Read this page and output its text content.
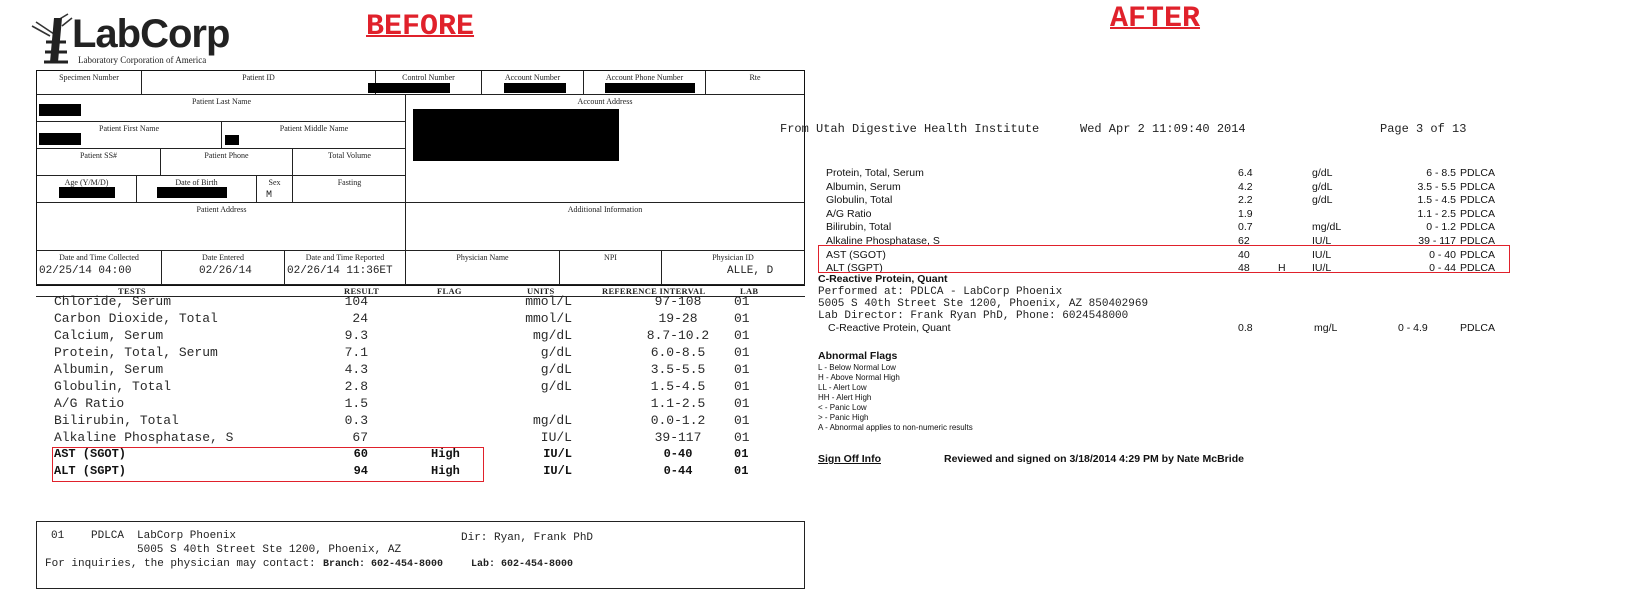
LabCorp
Laboratory Corporation of America
BEFORE	AFTER
Specimen Number	Patient ID	Control Number	Account Number	Account Phone Number	Rte
Patient Last Name
Patient First Name	Patient Middle Name
Patient SS#	Patient Phone	Total Volume
Age (Y/M/D)	Date of Birth	Sex	Fasting
M
Patient Address
Account Address
Additional Information
Date and Time Collected	Date Entered	Date and Time Reported	Physician Name	NPI	Physician ID
02/25/14 04:00	02/26/14	02/26/14 11:36ET	ALLE, D
TESTS	RESULT	FLAG	UNITS	REFERENCE INTERVAL	LAB
Chloride, Serum	104	mmol/L	97-108	01
Carbon Dioxide, Total	24	mmol/L	19-28	01
Calcium, Serum	9.3	mg/dL	8.7-10.2	01
Protein, Total, Serum	7.1	g/dL	6.0-8.5	01
Albumin, Serum	4.3	g/dL	3.5-5.5	01
Globulin, Total	2.8	g/dL	1.5-4.5	01
A/G Ratio	1.5	1.1-2.5	01
Bilirubin, Total	0.3	mg/dL	0.0-1.2	01
Alkaline Phosphatase, S	67	IU/L	39-117	01
AST (SGOT)	60	High	IU/L	0-40	01
ALT (SGPT)	94	High	IU/L	0-44	01
01 PDLCA LabCorp Phoenix
5005 S 40th Street Ste 1200, Phoenix, AZ
Dir: Ryan, Frank PhD
For inquiries, the physician may contact: Branch: 602-454-8000	Lab: 602-454-8000
From Utah Digestive Health Institute	Wed Apr 2 11:09:40 2014	Page 3 of 13
Protein, Total, Serum	6.4	g/dL	6 - 8.5 PDLCA
Albumin, Serum	4.2	g/dL	3.5 - 5.5 PDLCA
Globulin, Total	2.2	g/dL	1.5 - 4.5 PDLCA
A/G Ratio	1.9	1.1 - 2.5 PDLCA
Bilirubin, Total	0.7	mg/dL	0 - 1.2 PDLCA
Alkaline Phosphatase, S	62	IU/L	39 - 117 PDLCA
AST (SGOT)	40	IU/L	0 - 40 PDLCA
ALT (SGPT)	48	H	IU/L	0 - 44 PDLCA
C-Reactive Protein, Quant
Performed at: PDLCA - LabCorp Phoenix
5005 S 40th Street Ste 1200, Phoenix, AZ 850402969
Lab Director: Frank Ryan PhD, Phone: 6024548000
C-Reactive Protein, Quant	0.8	mg/L	0 - 4.9	PDLCA
Abnormal Flags
L - Below Normal Low
H - Above Normal High
LL - Alert Low
HH - Alert High
< - Panic Low
> - Panic High
A - Abnormal applies to non-numeric results
Sign Off Info	Reviewed and signed on 3/18/2014 4:29 PM by Nate McBride
